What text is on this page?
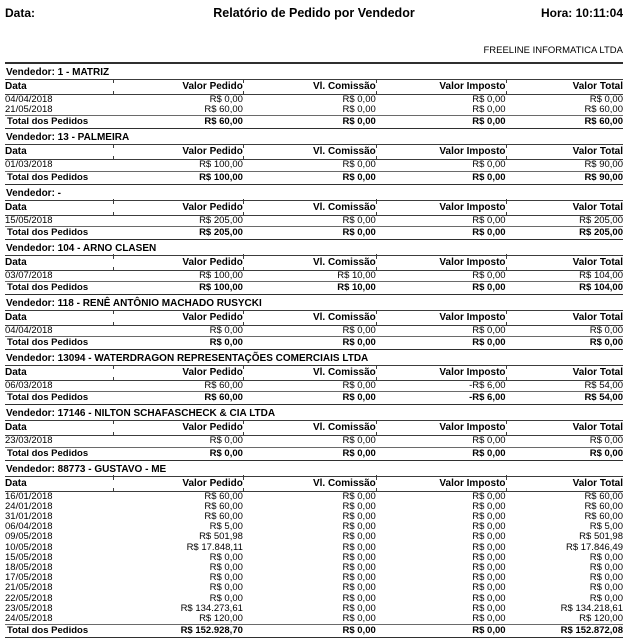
Data:	Relatório de Pedido por Vendedor	Hora: 10:11:04
FREELINE INFORMATICA LTDA
Vendedor: 1 - MATRIZ
Data	Valor Pedido	Vl. Comissão	Valor Imposto	Valor Total
04/04/2018	R$ 0,00	R$ 0,00	R$ 0,00	R$ 0,00
21/05/2018	R$ 60,00	R$ 0,00	R$ 0,00	R$ 60,00
Total dos Pedidos	R$ 60,00	R$ 0,00	R$ 0,00	R$ 60,00
Vendedor: 13 - PALMEIRA
Data	Valor Pedido	Vl. Comissão	Valor Imposto	Valor Total
01/03/2018	R$ 100,00	R$ 0,00	R$ 0,00	R$ 90,00
Total dos Pedidos	R$ 100,00	R$ 0,00	R$ 0,00	R$ 90,00
Vendedor: -
Data	Valor Pedido	Vl. Comissão	Valor Imposto	Valor Total
15/05/2018	R$ 205,00	R$ 0,00	R$ 0,00	R$ 205,00
Total dos Pedidos	R$ 205,00	R$ 0,00	R$ 0,00	R$ 205,00
Vendedor: 104 - ARNO CLASEN
Data	Valor Pedido	Vl. Comissão	Valor Imposto	Valor Total
03/07/2018	R$ 100,00	R$ 10,00	R$ 0,00	R$ 104,00
Total dos Pedidos	R$ 100,00	R$ 10,00	R$ 0,00	R$ 104,00
Vendedor: 118 - RENÊ ANTÔNIO MACHADO RUSYCKI
Data	Valor Pedido	Vl. Comissão	Valor Imposto	Valor Total
04/04/2018	R$ 0,00	R$ 0,00	R$ 0,00	R$ 0,00
Total dos Pedidos	R$ 0,00	R$ 0,00	R$ 0,00	R$ 0,00
Vendedor: 13094 - WATERDRAGON REPRESENTAÇÕES COMERCIAIS LTDA
Data	Valor Pedido	Vl. Comissão	Valor Imposto	Valor Total
06/03/2018	R$ 60,00	R$ 0,00	-R$ 6,00	R$ 54,00
Total dos Pedidos	R$ 60,00	R$ 0,00	-R$ 6,00	R$ 54,00
Vendedor: 17146 - NILTON SCHAFASCHECK & CIA LTDA
Data	Valor Pedido	Vl. Comissão	Valor Imposto	Valor Total
23/03/2018	R$ 0,00	R$ 0,00	R$ 0,00	R$ 0,00
Total dos Pedidos	R$ 0,00	R$ 0,00	R$ 0,00	R$ 0,00
Vendedor: 88773 - GUSTAVO - ME
Data	Valor Pedido	Vl. Comissão	Valor Imposto	Valor Total
16/01/2018	R$ 60,00	R$ 0,00	R$ 0,00	R$ 60,00
24/01/2018	R$ 60,00	R$ 0,00	R$ 0,00	R$ 60,00
31/01/2018	R$ 60,00	R$ 0,00	R$ 0,00	R$ 60,00
06/04/2018	R$ 5,00	R$ 0,00	R$ 0,00	R$ 5,00
09/05/2018	R$ 501,98	R$ 0,00	R$ 0,00	R$ 501,98
10/05/2018	R$ 17.848,11	R$ 0,00	R$ 0,00	R$ 17.846,49
15/05/2018	R$ 0,00	R$ 0,00	R$ 0,00	R$ 0,00
18/05/2018	R$ 0,00	R$ 0,00	R$ 0,00	R$ 0,00
17/05/2018	R$ 0,00	R$ 0,00	R$ 0,00	R$ 0,00
21/05/2018	R$ 0,00	R$ 0,00	R$ 0,00	R$ 0,00
22/05/2018	R$ 0,00	R$ 0,00	R$ 0,00	R$ 0,00
23/05/2018	R$ 134.273,61	R$ 0,00	R$ 0,00	R$ 134.218,61
24/05/2018	R$ 120,00	R$ 0,00	R$ 0,00	R$ 120,00
Total dos Pedidos	R$ 152.928,70	R$ 0,00	R$ 0,00	R$ 152.872,08
